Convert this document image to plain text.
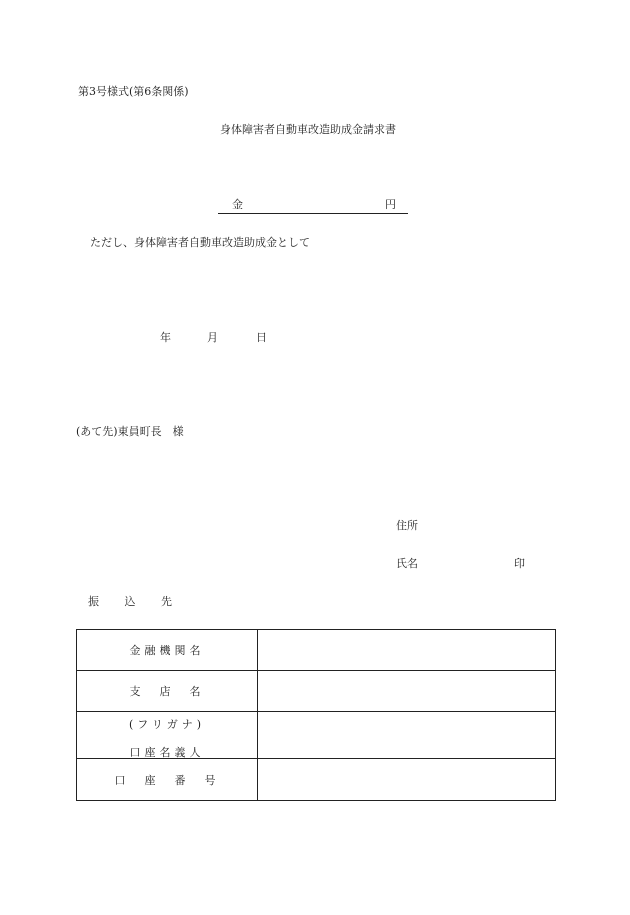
第3号様式(第6条関係)
身体障害者自動車改造助成金請求書
金	円
ただし、身体障害者自動車改造助成金として
年	月	日
(あて先)東員町長　様
住所
氏名	印
振 込 先
金融機関名	

支　店　名	

(フリガナ)
口座名義人	

口　座　番　号	
